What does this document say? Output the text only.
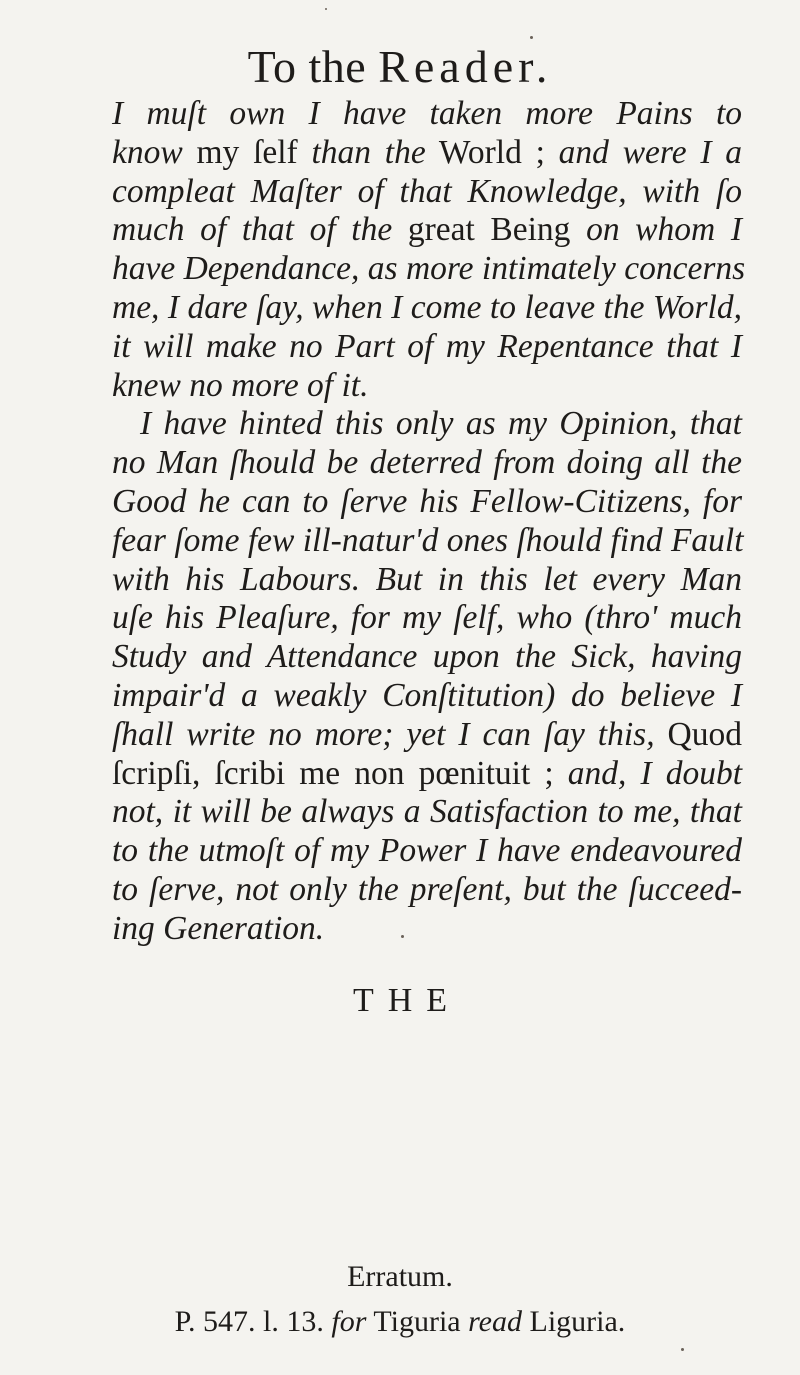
To the Reader.
I muſt own I have taken more Pains to
know my ſelf than the World ; and were I a
compleat Maſter of that Knowledge, with ſo
much of that of the great Being on whom I
have Dependance, as more intimately concerns
me, I dare ſay, when I come to leave the World,
it will make no Part of my Repentance that I
knew no more of it.
I have hinted this only as my Opinion, that
no Man ſhould be deterred from doing all the
Good he can to ſerve his Fellow-Citizens, for
fear ſome few ill-natur'd ones ſhould find Fault
with his Labours. But in this let every Man
uſe his Pleaſure, for my ſelf, who (thro' much
Study and Attendance upon the Sick, having
impair'd a weakly Conſtitution) do believe I
ſhall write no more; yet I can ſay this, Quod
ſcripſi, ſcribi me non pœnituit ; and, I doubt
not, it will be always a Satisfaction to me, that
to the utmoſt of my Power I have endeavoured
to ſerve, not only the preſent, but the ſucceed-
ing Generation.
THE
Erratum.
P. 547. l. 13. for Tiguria read Liguria.
